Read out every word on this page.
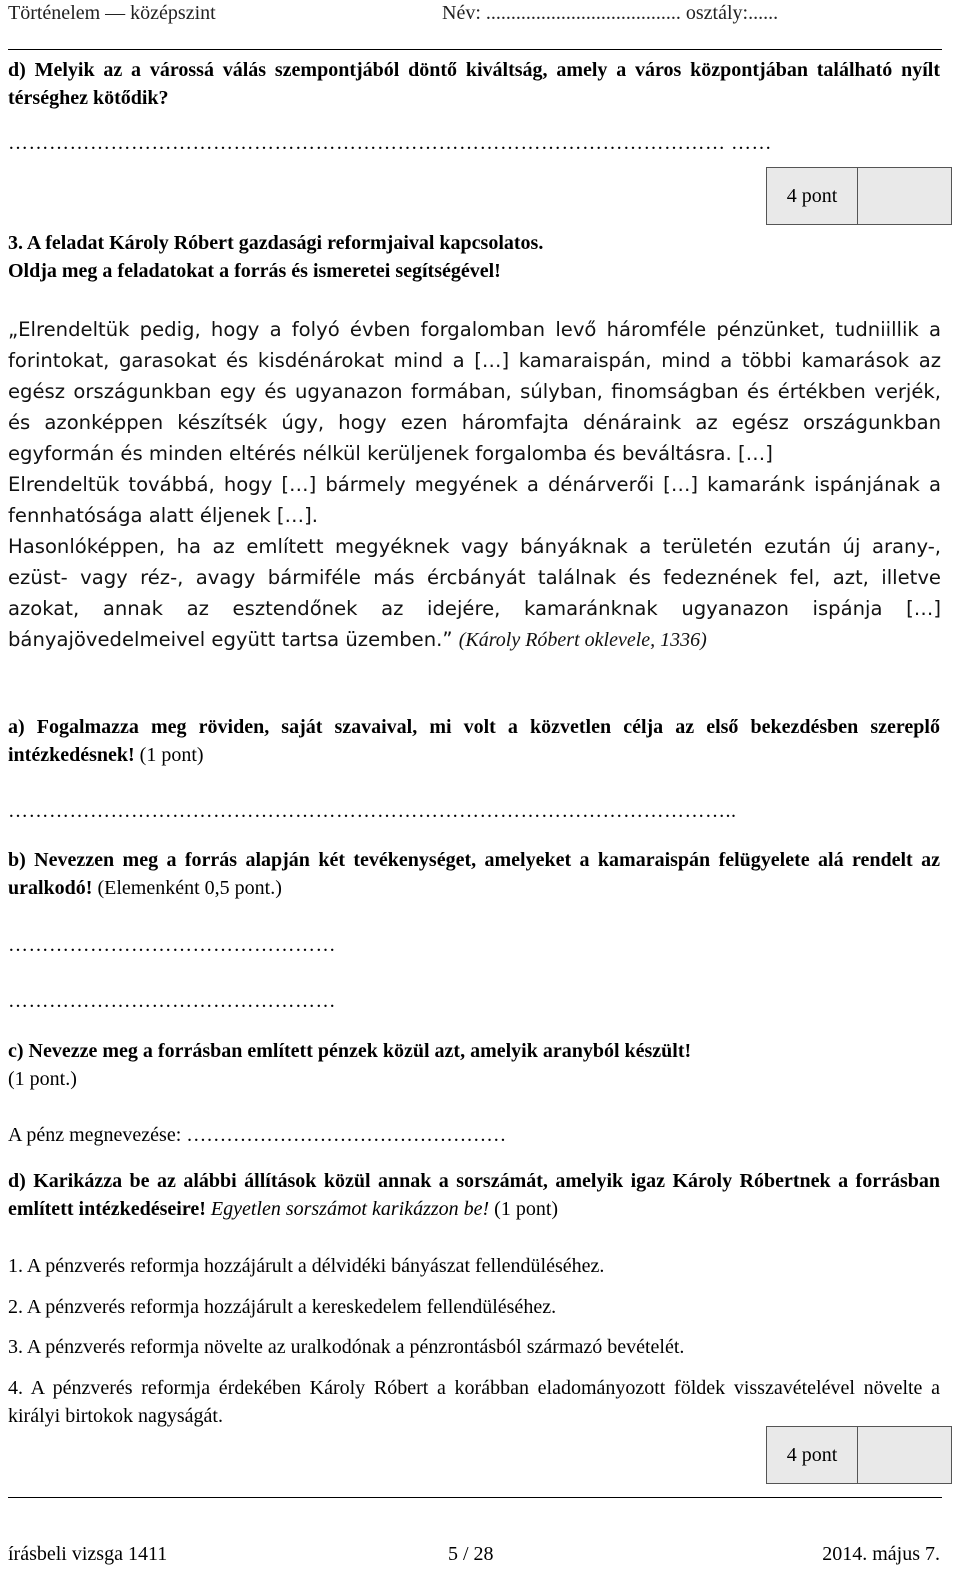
Történelem — középszint	Név: ....................................... osztály:......
d) Melyik az a várossá válás szempontjából döntő kiváltság, amely a város központjában található nyílt térséghez kötődik?
…………………………………………………………………………………………… ……
3. A feladat Károly Róbert gazdasági reformjaival kapcsolatos.
Oldja meg a feladatokat a forrás és ismeretei segítségével!
4 pont

„Elrendeltük pedig, hogy a folyó évben forgalomban levő háromféle pénzünket, tudniillik a forintokat, garasokat és kisdénárokat mind a […] kamaraispán, mind a többi kamarások az egész országunkban egy és ugyanazon formában, súlyban, finomságban és értékben verjék, és azonképpen készítsék úgy, hogy ezen háromfajta dénáraink az egész országunkban egyformán és minden eltérés nélkül kerüljenek forgalomba és beváltásra. […]

Elrendeltük továbbá, hogy […] bármely megyének a dénárverői […] kamaránk ispánjának a fennhatósága alatt éljenek […].

Hasonlóképpen, ha az említett megyéknek vagy bányáknak a területén ezután új arany-, ezüst- vagy réz-, avagy bármiféle más ércbányát találnak és fedeznének fel, azt, illetve azokat, annak az esztendőnek az idejére, kamaránknak ugyanazon ispánja […] bányajövedelmeivel együtt tartsa üzemben.” (Károly Róbert oklevele, 1336)

a) Fogalmazza meg röviden, saját szavaival, mi volt a közvetlen célja az első bekezdésben szereplő intézkedésnek! (1 pont)
……………………………………………………………………………………………..
b) Nevezzen meg a forrás alapján két tevékenységet, amelyeket a kamaraispán felügyelete alá rendelt az uralkodó! (Elemenként 0,5 pont.)
…………………………………………
…………………………………………
c) Nevezze meg a forrásban említett pénzek közül azt, amelyik aranyból készült!
(1 pont.)
A pénz megnevezése: …………………………………………
d) Karikázza be az alábbi állítások közül annak a sorszámát, amelyik igaz Károly Róbertnek a forrásban említett intézkedéseire! Egyetlen sorszámot karikázzon be! (1 pont)
1. A pénzverés reformja hozzájárult a délvidéki bányászat fellendüléséhez.
2. A pénzverés reformja hozzájárult a kereskedelem fellendüléséhez.
3. A pénzverés reformja növelte az uralkodónak a pénzrontásból származó bevételét.
4. A pénzverés reformja érdekében Károly Róbert a korábban eladományozott földek visszavételével növelte a királyi birtokok nagyságát.
4 pont
írásbeli vizsga 1411	5 / 28	2014. május 7.
